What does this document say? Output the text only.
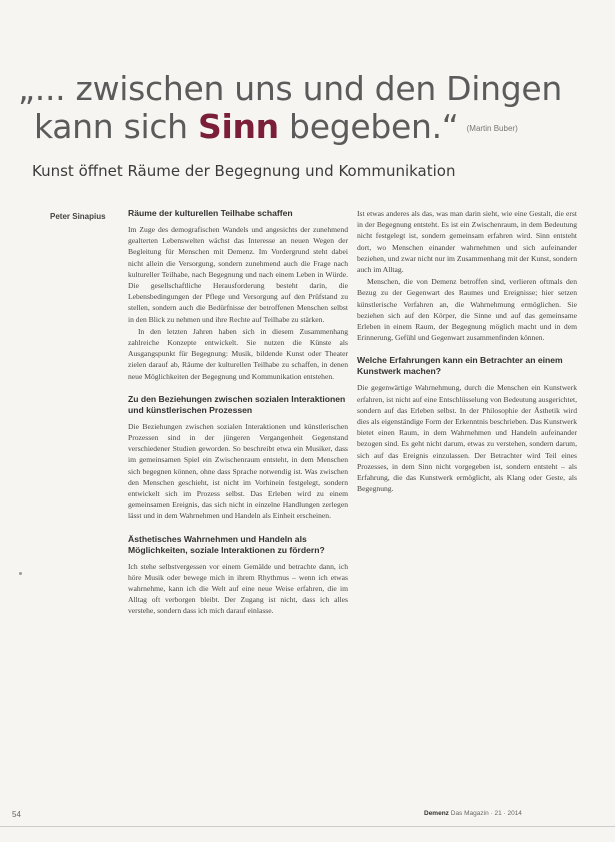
„... zwischen uns und den Dingen
kann sich Sinn begeben.“ (Martin Buber)
Kunst öffnet Räume der Begegnung und Kommunikation
Peter Sinapius	Räume der kulturellen Teilhabe schaffen

Im Zuge des demografischen Wandels und angesichts der zunehmend gealterten Lebenswelten wächst das Interesse an neuen Wegen der Begleitung für Menschen mit Demenz. Im Vordergrund steht dabei nicht allein die Versorgung, sondern zunehmend auch die Frage nach kultureller Teilhabe, nach Begegnung und nach einem Leben in Würde. Die gesellschaftliche Herausforderung besteht darin, die Lebensbedingungen der Pflege und Versorgung auf den Prüfstand zu stellen, sondern auch die Bedürfnisse der betroffenen Menschen selbst in den Blick zu nehmen und ihre Rechte auf Teilhabe zu stärken.

In den letzten Jahren haben sich in diesem Zusammenhang zahlreiche Konzepte entwickelt. Sie nutzen die Künste als Ausgangspunkt für Begegnung: Musik, bildende Kunst oder Theater zielen darauf ab, Räume der kulturellen Teilhabe zu schaffen, in denen neue Möglichkeiten der Begegnung und Kommunikation entstehen.

Zu den Beziehungen zwischen sozialen Interaktionen und künstlerischen Prozessen

Die Beziehungen zwischen sozialen Interaktionen und künstlerischen Prozessen sind in der jüngeren Vergangenheit Gegenstand verschiedener Studien geworden. So beschreibt etwa ein Musiker, dass im gemeinsamen Spiel ein Zwischenraum entsteht, in dem Menschen sich begegnen können, ohne dass Sprache notwendig ist. Was zwischen den Menschen geschieht, ist nicht im Vorhinein festgelegt, sondern entwickelt sich im Prozess selbst. Das Erleben wird zu einem gemeinsamen Ereignis, das sich nicht in einzelne Handlungen zerlegen lässt und in dem Wahrnehmen und Handeln als Einheit erscheinen.

Ästhetisches Wahrnehmen und Handeln als Möglichkeiten, soziale Interaktionen zu fördern?

Ich stehe selbstvergessen vor einem Gemälde und betrachte dann, ich höre Musik oder bewege mich in ihrem Rhythmus – wenn ich etwas wahrnehme, kann ich die Welt auf eine neue Weise erfahren, die im Alltag oft verborgen bleibt. Der Zugang ist nicht, dass ich alles verstehe, sondern dass ich mich darauf einlasse.

Ist etwas anderes als das, was man darin sieht, wie eine Gestalt, die erst in der Begegnung entsteht. Es ist ein Zwischenraum, in dem Bedeutung nicht festgelegt ist, sondern gemeinsam erfahren wird. Sinn entsteht dort, wo Menschen einander wahrnehmen und sich aufeinander beziehen, und zwar nicht nur im Zusammenhang mit der Kunst, sondern auch im Alltag.

Menschen, die von Demenz betroffen sind, verlieren oftmals den Bezug zu der Gegenwart des Raumes und Ereignisse; hier setzen künstlerische Verfahren an, die Wahrnehmung ermöglichen. Sie beziehen sich auf den Körper, die Sinne und auf das gemeinsame Erleben in einem Raum, der Begegnung möglich macht und in dem Erinnerung, Gefühl und Gegenwart zusammenfinden können.

Welche Erfahrungen kann ein Betrachter an einem Kunstwerk machen?

Die gegenwärtige Wahrnehmung, durch die Menschen ein Kunstwerk erfahren, ist nicht auf eine Entschlüsselung von Bedeutung ausgerichtet, sondern auf das Erleben selbst. In der Philosophie der Ästhetik wird dies als eigenständige Form der Erkenntnis beschrieben. Das Kunstwerk bietet einen Raum, in dem Wahrnehmen und Handeln aufeinander bezogen sind. Es geht nicht darum, etwas zu verstehen, sondern darum, sich auf das Ereignis einzulassen. Der Betrachter wird Teil eines Prozesses, in dem Sinn nicht vorgegeben ist, sondern entsteht – als Erfahrung, die das Kunstwerk ermöglicht, als Klang oder Geste, als Begegnung.

54	Demenz Das Magazin · 21 · 2014
